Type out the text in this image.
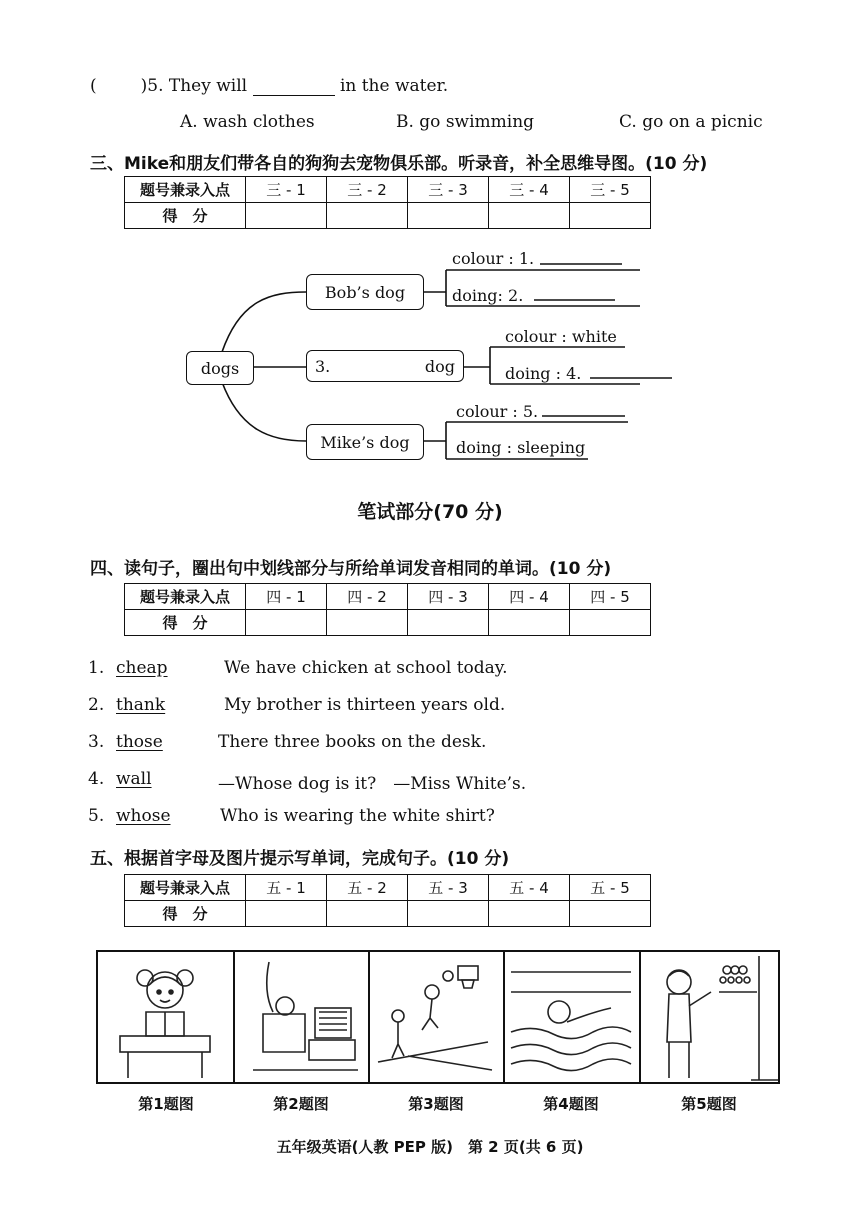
(	)5. They will	in the water.
A. wash clothes	B. go swimming	C. go on a picnic
三、Mike和朋友们带各自的狗狗去宠物俱乐部。听录音，补全思维导图。(10 分)
题号兼录入点	三 - 1	三 - 2	三 - 3	三 - 4	三 - 5
得　分					
dogs
Bob’s dog
3.	dog
Mike’s dog
colour : 1.
doing: 2.
colour : white
doing : 4.
colour : 5.
doing : sleeping
笔试部分(70 分)
四、读句子，圈出句中划线部分与所给单词发音相同的单词。(10 分)
题号兼录入点	四 - 1	四 - 2	四 - 3	四 - 4	四 - 5
得　分					
1. cheap	We have chicken at school today.
2. thank	My brother is thirteen years old.
3. those	There three books on the desk.
4. wall	—Whose dog is it?　—Miss White’s.
5. whose	Who is wearing the white shirt?
五、根据首字母及图片提示写单词，完成句子。(10 分)
题号兼录入点	五 - 1	五 - 2	五 - 3	五 - 4	五 - 5
得　分					
第1题图	第2题图	第3题图	第4题图	第5题图
五年级英语(人教 PEP 版)　第 2 页(共 6 页)
